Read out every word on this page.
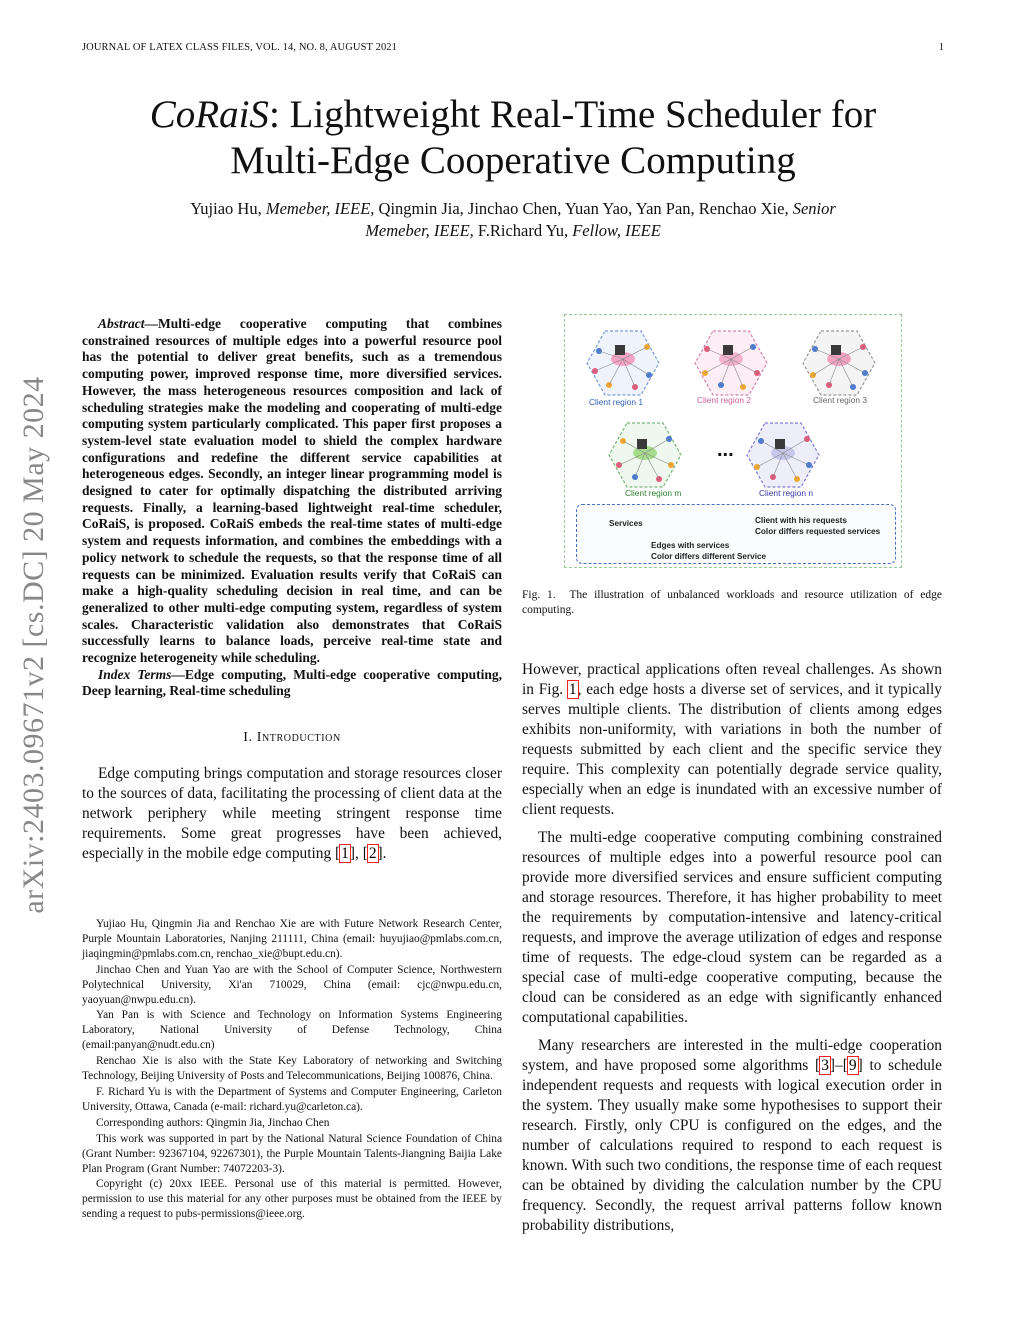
JOURNAL OF LATEX CLASS FILES, VOL. 14, NO. 8, AUGUST 2021	1
arXiv:2403.09671v2 [cs.DC] 20 May 2024
CoRaiS: Lightweight Real-Time Scheduler for
Multi-Edge Cooperative Computing
Yujiao Hu, Memeber, IEEE, Qingmin Jia, Jinchao Chen, Yuan Yao, Yan Pan, Renchao Xie, Senior
Memeber, IEEE, F.Richard Yu, Fellow, IEEE

Abstract—Multi-edge cooperative computing that combines constrained resources of multiple edges into a powerful resource pool has the potential to deliver great benefits, such as a tremendous computing power, improved response time, more diversified services. However, the mass heterogeneous resources composition and lack of scheduling strategies make the modeling and cooperating of multi-edge computing system particularly complicated. This paper first proposes a system-level state evaluation model to shield the complex hardware configurations and redefine the different service capabilities at heterogeneous edges. Secondly, an integer linear programming model is designed to cater for optimally dispatching the distributed arriving requests. Finally, a learning-based lightweight real-time scheduler, CoRaiS, is proposed. CoRaiS embeds the real-time states of multi-edge system and requests information, and combines the embeddings with a policy network to schedule the requests, so that the response time of all requests can be minimized. Evaluation results verify that CoRaiS can make a high-quality scheduling decision in real time, and can be generalized to other multi-edge computing system, regardless of system scales. Characteristic validation also demonstrates that CoRaiS successfully learns to balance loads, perceive real-time state and recognize heterogeneity while scheduling.

Index Terms—Edge computing, Multi-edge cooperative computing, Deep learning, Real-time scheduling

I. Introduction

Edge computing brings computation and storage resources closer to the sources of data, facilitating the processing of client data at the network periphery while meeting stringent response time requirements. Some great progresses have been achieved, especially in the mobile edge computing [1], [2].

Yujiao Hu, Qingmin Jia and Renchao Xie are with Future Network Research Center, Purple Mountain Laboratories, Nanjing 211111, China (email: huyujiao@pmlabs.com.cn, jiaqingmin@pmlabs.com.cn, renchao_xie@bupt.edu.cn).

Jinchao Chen and Yuan Yao are with the School of Computer Science, Northwestern Polytechnical University, Xi'an 710029, China (email: cjc@nwpu.edu.cn, yaoyuan@nwpu.edu.cn).

Yan Pan is with Science and Technology on Information Systems Engineering Laboratory, National University of Defense Technology, China (email:panyan@nudt.edu.cn)

Renchao Xie is also with the State Key Laboratory of networking and Switching Technology, Beijing University of Posts and Telecommunications, Beijing 100876, China.

F. Richard Yu is with the Department of Systems and Computer Engineering, Carleton University, Ottawa, Canada (e-mail: richard.yu@carleton.ca).

Corresponding authors: Qingmin Jia, Jinchao Chen

This work was supported in part by the National Natural Science Foundation of China (Grant Number: 92367104, 92267301), the Purple Mountain Talents-Jiangning Baijia Lake Plan Program (Grant Number: 74072203-3).

Copyright (c) 20xx IEEE. Personal use of this material is permitted. However, permission to use this material for any other purposes must be obtained from the IEEE by sending a request to pubs-permissions@ieee.org.

Client region 1	Client region 2	Client region 3
Client region m	Client region n
...
Services
Edges with services
Color differs different Service
Client with his requests
Color differs requested services
Fig. 1. The illustration of unbalanced workloads and resource utilization of edge computing.

However, practical applications often reveal challenges. As shown in Fig. 1, each edge hosts a diverse set of services, and it typically serves multiple clients. The distribution of clients among edges exhibits non-uniformity, with variations in both the number of requests submitted by each client and the specific service they require. This complexity can potentially degrade service quality, especially when an edge is inundated with an excessive number of client requests.

The multi-edge cooperative computing combining constrained resources of multiple edges into a powerful resource pool can provide more diversified services and ensure sufficient computing and storage resources. Therefore, it has higher probability to meet the requirements by computation-intensive and latency-critical requests, and improve the average utilization of edges and response time of requests. The edge-cloud system can be regarded as a special case of multi-edge cooperative computing, because the cloud can be considered as an edge with significantly enhanced computational capabilities.

Many researchers are interested in the multi-edge cooperation system, and have proposed some algorithms [3]–[9] to schedule independent requests and requests with logical execution order in the system. They usually make some hypothesises to support their research. Firstly, only CPU is configured on the edges, and the number of calculations required to respond to each request is known. With such two conditions, the response time of each request can be obtained by dividing the calculation number by the CPU frequency. Secondly, the request arrival patterns follow known probability distributions,
